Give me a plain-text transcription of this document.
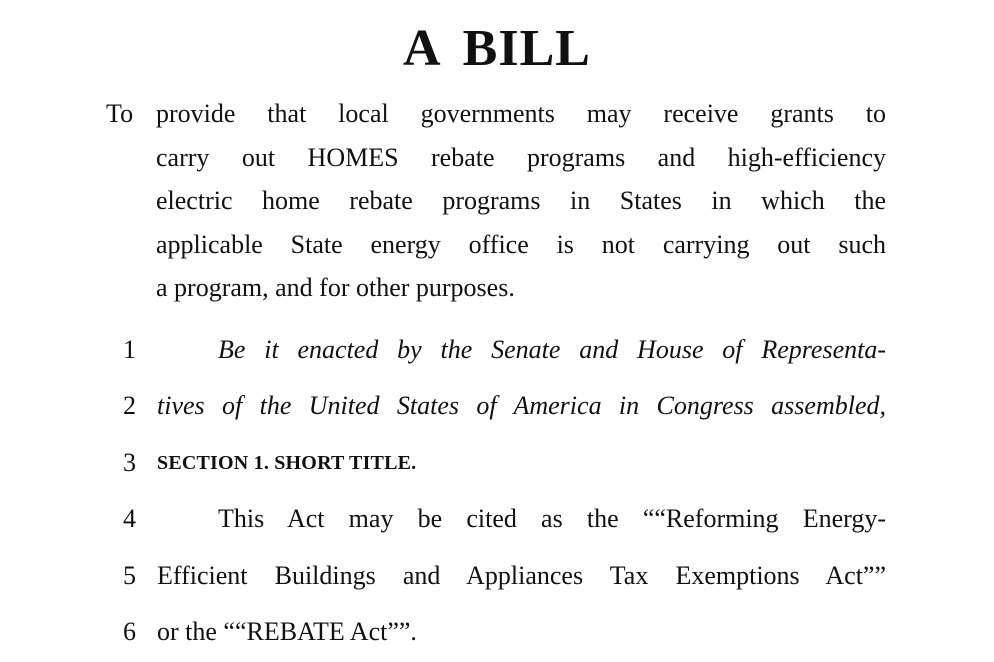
A BILL
To provide that local governments may receive grants to
carry out HOMES rebate programs and high-efficiency
electric home rebate programs in States in which the
applicable State energy office is not carrying out such
a program, and for other purposes.
1	Be it enacted by the Senate and House of Representa-
2 tives of the United States of America in Congress assembled,
3 SECTION 1. SHORT TITLE.
4	This Act may be cited as the ““Reforming Energy-
5 Efficient Buildings and Appliances Tax Exemptions Act””
6 or the ““REBATE Act””.
